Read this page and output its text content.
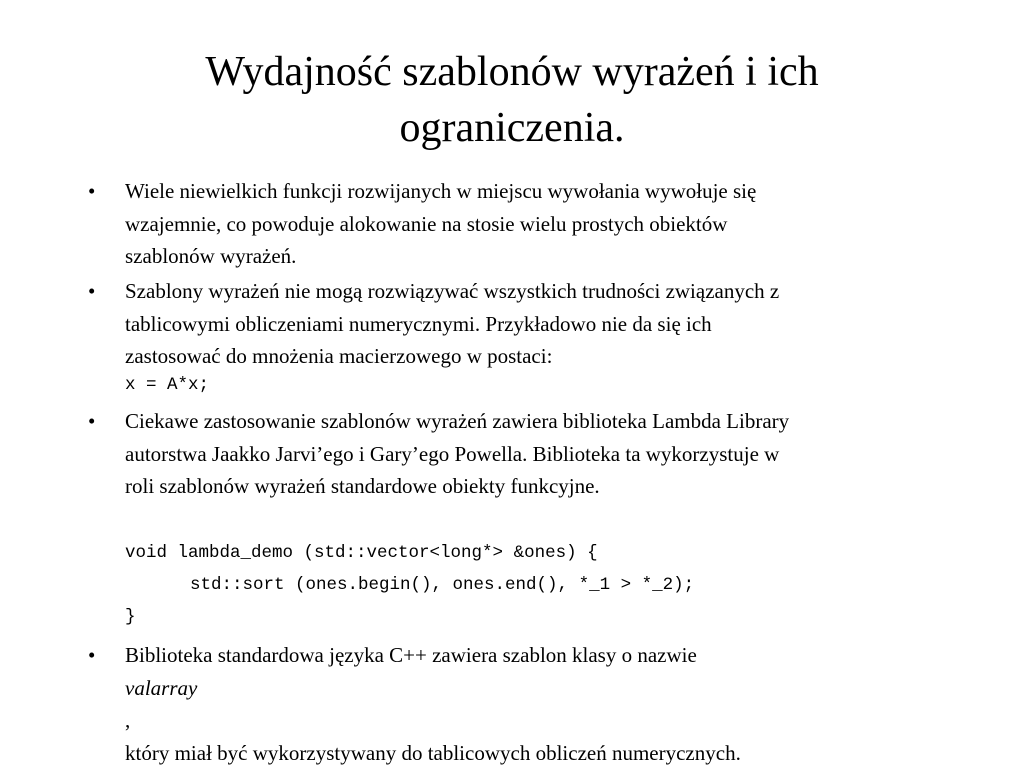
Wydajność szablonów wyrażeń i ich
ograniczenia.
• Wiele niewielkich funkcji rozwijanych w miejscu wywołania wywołuje się
wzajemnie, co powoduje alokowanie na stosie wielu prostych obiektów
szablonów wyrażeń.
• Szablony wyrażeń nie mogą rozwiązywać wszystkich trudności związanych z
tablicowymi obliczeniami numerycznymi. Przykładowo nie da się ich
zastosować do mnożenia macierzowego w postaci:
x = A*x;
• Ciekawe zastosowanie szablonów wyrażeń zawiera biblioteka Lambda Library
autorstwa Jaakko Jarvi’ego i Gary’ego Powella. Biblioteka ta wykorzystuje w
roli szablonów wyrażeń standardowe obiekty funkcyjne.
void lambda_demo (std::vector<long*> &ones) {
std::sort (ones.begin(), ones.end(), *_1 > *_2);
}
• Biblioteka standardowa języka C++ zawiera szablon klasy o nazwie
valarray
,
który miał być wykorzystywany do tablicowych obliczeń numerycznych.
